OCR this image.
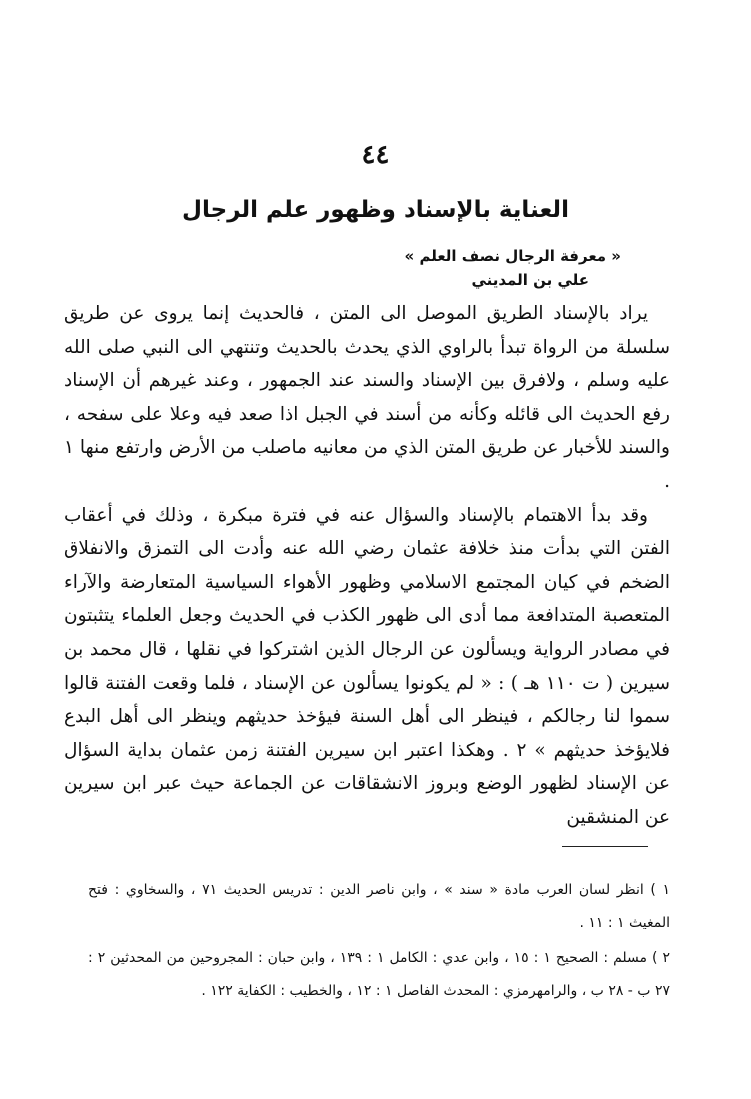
٤٤
العناية بالإسناد وظهور علم الرجال
« معرفة الرجال نصف العلم »
علي بن المديني

يراد بالإسناد الطريق الموصل الى المتن ، فالحديث إنما يروى عن طريق سلسلة من الرواة تبدأ بالراوي الذي يحدث بالحديث وتنتهي الى النبي صلى الله عليه وسلم ، ولافرق بين الإسناد والسند عند الجمهور ، وعند غيرهم أن الإسناد رفع الحديث الى قائله وكأنه من أسند في الجبل اذا صعد فيه وعلا على سفحه ، والسند للأخبار عن طريق المتن الذي من معانيه ماصلب من الأرض وارتفع منها ١ .

وقد بدأ الاهتمام بالإسناد والسؤال عنه في فترة مبكرة ، وذلك في أعقاب الفتن التي بدأت منذ خلافة عثمان رضي الله عنه وأدت الى التمزق والانفلاق الضخم في كيان المجتمع الاسلامي وظهور الأهواء السياسية المتعارضة والآراء المتعصبة المتدافعة مما أدى الى ظهور الكذب في الحديث وجعل العلماء يتثبتون في مصادر الرواية ويسألون عن الرجال الذين اشتركوا في نقلها ، قال محمد بن سيرين ( ت ١١٠ هـ ) : « لم يكونوا يسألون عن الإسناد ، فلما وقعت الفتنة قالوا سموا لنا رجالكم ، فينظر الى أهل السنة فيؤخذ حديثهم وينظر الى أهل البدع فلايؤخذ حديثهم » ٢ . وهكذا اعتبر ابن سيرين الفتنة زمن عثمان بداية السؤال عن الإسناد لظهور الوضع وبروز الانشقاقات عن الجماعة حيث عبر ابن سيرين عن المنشقين

١ ) انظر لسان العرب مادة « سند » ، وابن ناصر الدين : تدريس الحديث ٧١ ، والسخاوي : فتح المغيث ١ : ١١ .

٢ ) مسلم : الصحيح ١ : ١٥ ، وابن عدي : الكامل ١ : ١٣٩ ، وابن حبان : المجروحين من المحدثين ٢ : ٢٧ ب - ٢٨ ب ، والرامهرمزي : المحدث الفاصل ١ : ١٢ ، والخطيب : الكفاية ١٢٢ .
